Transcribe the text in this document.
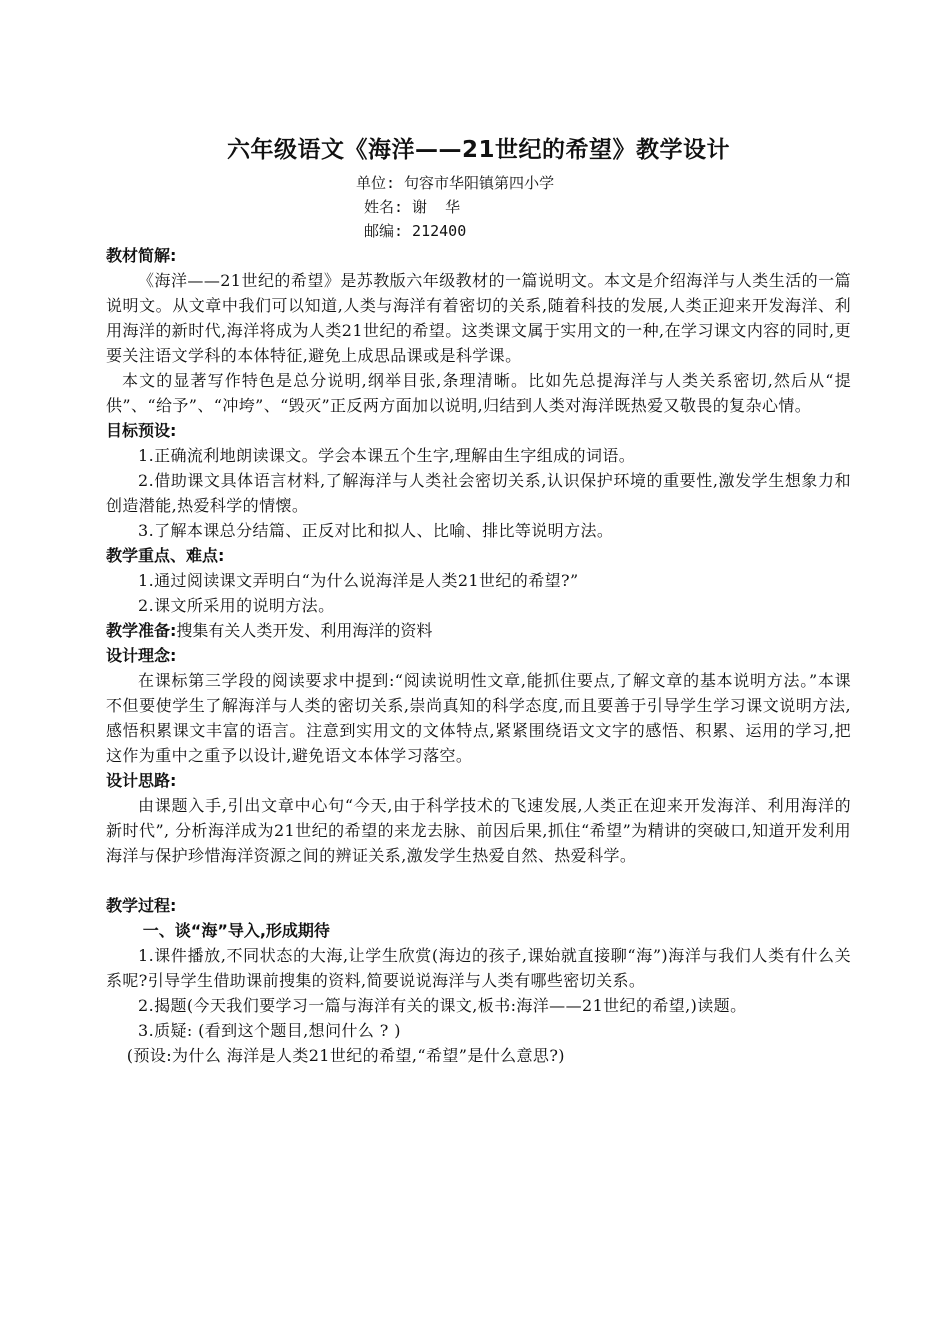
六年级语文《海洋——21世纪的希望》教学设计
单位: 句容市华阳镇第四小学
姓名: 谢  华
邮编: 212400
教材简解:

《海洋——21世纪的希望》是苏教版六年级教材的一篇说明文。本文是介绍海洋与人类生活的一篇说明文。从文章中我们可以知道,人类与海洋有着密切的关系,随着科技的发展,人类正迎来开发海洋、利用海洋的新时代,海洋将成为人类21世纪的希望。这类课文属于实用文的一种,在学习课文内容的同时,更要关注语文学科的本体特征,避免上成思品课或是科学课。

本文的显著写作特色是总分说明,纲举目张,条理清晰。比如先总提海洋与人类关系密切,然后从“提供”、“给予”、“冲垮”、“毁灭”正反两方面加以说明,归结到人类对海洋既热爱又敬畏的复杂心情。

目标预设:

1.正确流利地朗读课文。学会本课五个生字,理解由生字组成的词语。

2.借助课文具体语言材料,了解海洋与人类社会密切关系,认识保护环境的重要性,激发学生想象力和创造潜能,热爱科学的情懐。

3.了解本课总分结篇、正反对比和拟人、比喻、排比等说明方法。

教学重点、难点:

1.通过阅读课文弄明白“为什么说海洋是人类21世纪的希望?”

2.课文所采用的说明方法。

教学准备:搜集有关人类开发、利用海洋的资料
设计理念:

在课标第三学段的阅读要求中提到:“阅读说明性文章,能抓住要点,了解文章的基本说明方法。”本课不但要使学生了解海洋与人类的密切关系,崇尚真知的科学态度,而且要善于引导学生学习课文说明方法,感悟积累课文丰富的语言。注意到实用文的文体特点,紧紧围绕语文文字的感悟、积累、运用的学习,把这作为重中之重予以设计,避免语文本体学习落空。

设计思路:

由课题入手,引出文章中心句“今天,由于科学技术的飞速发展,人类正在迎来开发海洋、利用海洋的新时代”, 分析海洋成为21世纪的希望的来龙去脉、前因后果,抓住“希望”为精讲的突破口,知道开发利用海洋与保护珍惜海洋资源之间的辨证关系,激发学生热爱自然、热爱科学。

教学过程:
一、谈“海”导入,形成期待

1.课件播放,不同状态的大海,让学生欣赏(海边的孩子,课始就直接聊“海”)海洋与我们人类有什么关系呢?引导学生借助课前搜集的资料,简要说说海洋与人类有哪些密切关系。

2.揭题(今天我们要学习一篇与海洋有关的课文,板书:海洋——21世纪的希望,)读题。

3.质疑: (看到这个题目,想问什么 ? )

(预设:为什么 海洋是人类21世纪的希望,“希望”是什么意思?)
